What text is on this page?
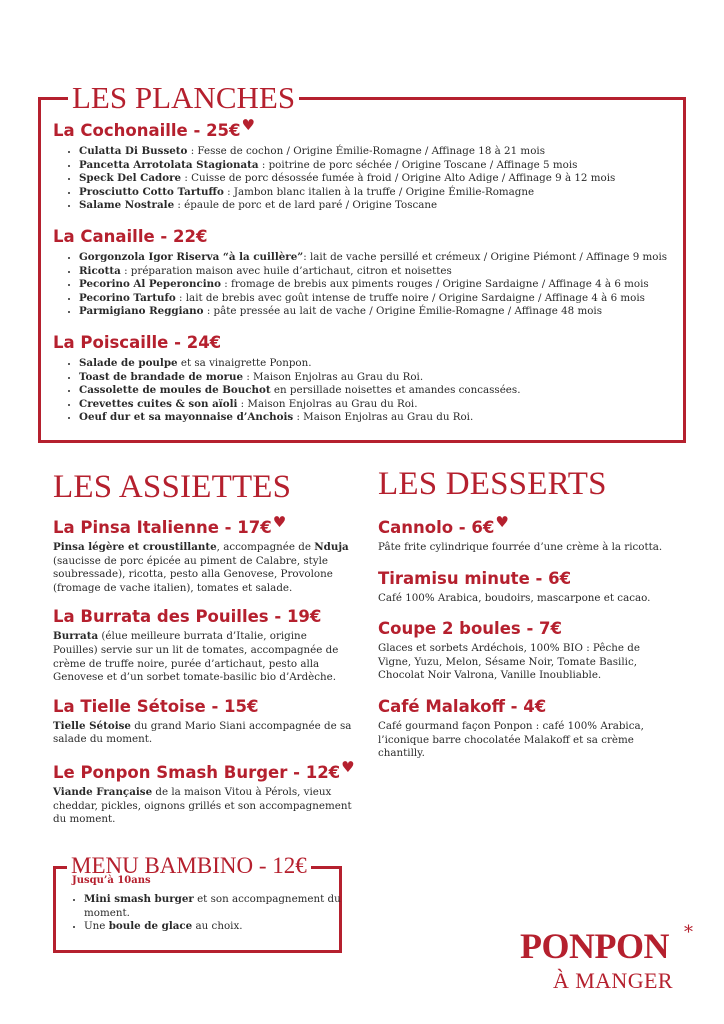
LES PLANCHES

La Cochonaille - 25€♥

• Culatta Di Busseto : Fesse de cochon / Origine Émilie-Romagne / Affinage 18 à 21 mois
• Pancetta Arrotolata Stagionata : poitrine de porc séchée / Origine Toscane / Affinage 5 mois
• Speck Del Cadore : Cuisse de porc désossée fumée à froid / Origine Alto Adige / Affinage 9 à 12 mois
• Prosciutto Cotto Tartuffo : Jambon blanc italien à la truffe / Origine Émilie-Romagne
• Salame Nostrale : épaule de porc et de lard paré / Origine Toscane

La Canaille - 22€

• Gorgonzola Igor Riserva “à la cuillère”: lait de vache persillé et crémeux / Origine Piémont / Affinage 9 mois
• Ricotta : préparation maison avec huile d’artichaut, citron et noisettes
• Pecorino Al Peperoncino : fromage de brebis aux piments rouges / Origine Sardaigne / Affinage 4 à 6 mois
• Pecorino Tartufo : lait de brebis avec goût intense de truffe noire / Origine Sardaigne / Affinage 4 à 6 mois
• Parmigiano Reggiano : pâte pressée au lait de vache / Origine Émilie-Romagne / Affinage 48 mois

La Poiscaille - 24€

• Salade de poulpe et sa vinaigrette Ponpon.
• Toast de brandade de morue : Maison Enjolras au Grau du Roi.
• Cassolette de moules de Bouchot en persillade noisettes et amandes concassées.
• Crevettes cuites & son aïoli : Maison Enjolras au Grau du Roi.
• Oeuf dur et sa mayonnaise d’Anchois : Maison Enjolras au Grau du Roi.
LES ASSIETTES

La Pinsa Italienne - 17€♥

Pinsa légère et croustillante, accompagnée de Nduja (saucisse de porc épicée au piment de Calabre, style soubressade), ricotta, pesto alla Genovese, Provolone (fromage de vache italien), tomates et salade.

La Burrata des Pouilles - 19€

Burrata (élue meilleure burrata d’Italie, origine Pouilles) servie sur un lit de tomates, accompagnée de crème de truffe noire, purée d’artichaut, pesto alla Genovese et d’un sorbet tomate-basilic bio d’Ardèche.

La Tielle Sétoise - 15€

Tielle Sétoise du grand Mario Siani accompagnée de sa salade du moment.

Le Ponpon Smash Burger - 12€♥

Viande Française de la maison Vitou à Pérols, vieux cheddar, pickles, oignons grillés et son accompagnement du moment.

LES DESSERTS

Cannolo - 6€♥

Pâte frite cylindrique fourrée d’une crème à la ricotta.

Tiramisu minute - 6€

Café 100% Arabica, boudoirs, mascarpone et cacao.

Coupe 2 boules - 7€

Glaces et sorbets Ardéchois, 100% BIO : Pêche de Vigne, Yuzu, Melon, Sésame Noir, Tomate Basilic, Chocolat Noir Valrona, Vanille Inoubliable.

Café Malakoff - 4€

Café gourmand façon Ponpon : café 100% Arabica, l’iconique barre chocolatée Malakoff et sa crème chantilly.

MENU BAMBINO - 12€
Jusqu’à 10ans
• Mini smash burger et son accompagnement du moment.
• Une boule de glace au choix.	PONPON *
À MANGER
